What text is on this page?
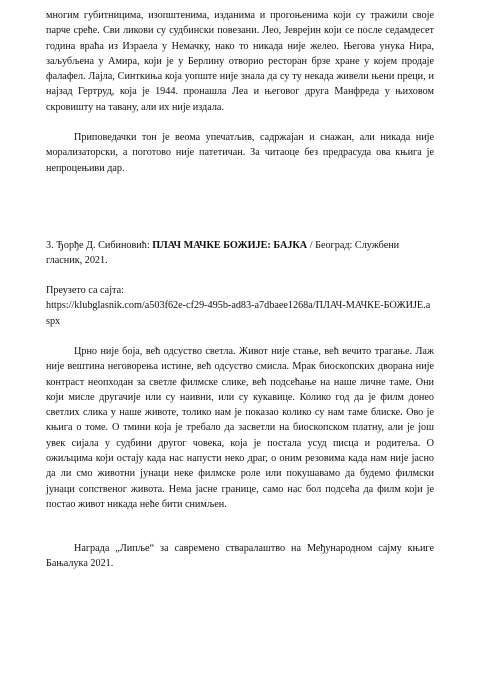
многим губитницима, изопштенима, изданима и прогоњенима који су тражили своје парче среће. Сви ликови су судбински повезани. Лео, Јеврејин који се после седамдесет година враћа из Израела у Немачку, нако то никада није желео. Његова унука Нира, заљубљена у Амира, који је у Берлину отворио ресторан брзе хране у којем продаје фалафел. Лајла, Синткиња која уопште није знала да су ту некада живели њени преци, и најзад Гертруд, која је 1944. пронашла Леа и његовог друга Манфреда у њиховом скровишту на тавану, али их није издала.

Приповедачки тон је веома упечатљив, садржајан и снажан, али никада није морализаторски, а поготово није патетичан. За читаоце без предрасуда ова књига је непроцењиви дар.

3. Ђорђе Д. Сибиновић: ПЛАЧ МАЧКЕ БОЖИЈЕ: БАЈКА / Београд: Службени гласник, 2021.

Преузето са сајта:
https://klubglasnik.com/a503f62e-cf29-495b-ad83-a7dbaee1268a/ПЛАЧ-МАЧКЕ-БОЖИЈЕ.aspx

Црно није боја, већ одсуство светла. Живот није стање, већ вечито трагање. Лаж није вештина неговорења истине, већ одсуство смисла. Мрак биоскопских дворана није контраст неопходан за светле филмске слике, већ подсећање на наше личне таме. Они који мисле другачије или су наивни, или су кукавице. Колико год да је филм донео светлих слика у наше животе, толико нам је показао колико су нам таме блиске. Ово је књига о томе. О тмини која је требало да засветли на биоскопском платну, али је још увек сијала у судбини другог човека, која је постала усуд писца и родитеља. О ожиљцима који остају када нас напусти неко драг, о оним резовима када нам није јасно да ли смо животни јунаци неке филмске роле или покушавамо да будемо филмски јунаци сопственог живота. Нема јасне границе, само нас бол подсећа да филм који је постао живот никада неће бити снимљен.

Награда „Липље“ за савремено стваралаштво на Међународном сајму књиге Бањалука 2021.
